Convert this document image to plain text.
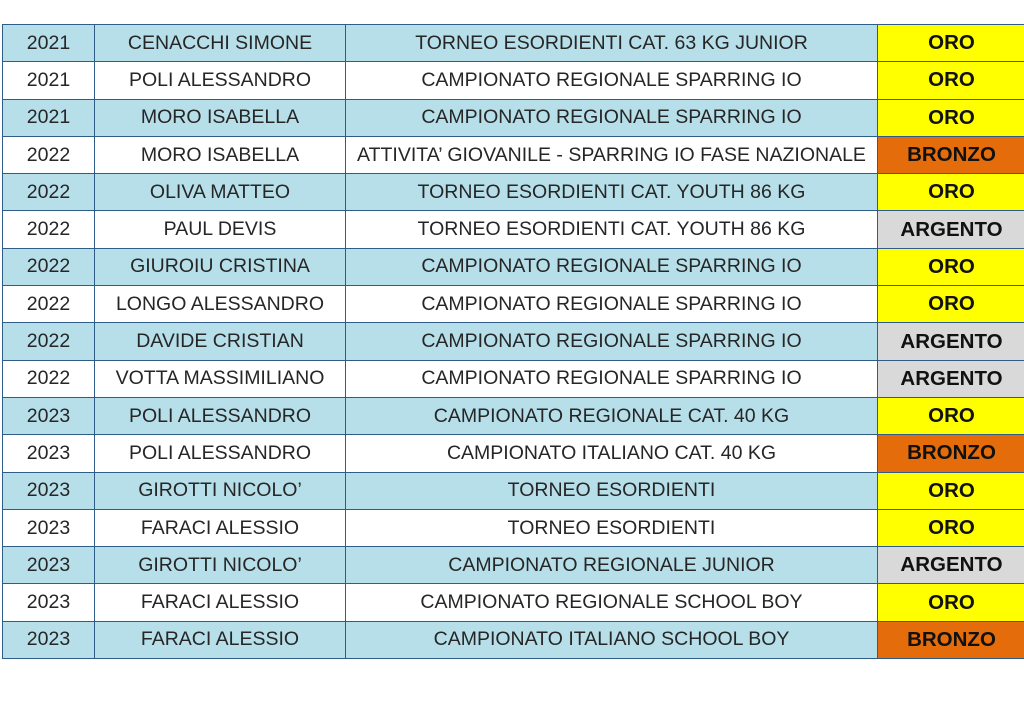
2021	CENACCHI SIMONE	TORNEO ESORDIENTI CAT. 63 KG JUNIOR	ORO
2021	POLI ALESSANDRO	CAMPIONATO REGIONALE SPARRING IO	ORO
2021	MORO ISABELLA	CAMPIONATO REGIONALE SPARRING IO	ORO
2022	MORO ISABELLA	ATTIVITA’ GIOVANILE - SPARRING IO FASE NAZIONALE	BRONZO
2022	OLIVA MATTEO	TORNEO ESORDIENTI CAT. YOUTH 86 KG	ORO
2022	PAUL DEVIS	TORNEO ESORDIENTI CAT. YOUTH 86 KG	ARGENTO
2022	GIUROIU CRISTINA	CAMPIONATO REGIONALE SPARRING IO	ORO
2022	LONGO ALESSANDRO	CAMPIONATO REGIONALE SPARRING IO	ORO
2022	DAVIDE CRISTIAN	CAMPIONATO REGIONALE SPARRING IO	ARGENTO
2022	VOTTA MASSIMILIANO	CAMPIONATO REGIONALE SPARRING IO	ARGENTO
2023	POLI ALESSANDRO	CAMPIONATO REGIONALE CAT. 40 KG	ORO
2023	POLI ALESSANDRO	CAMPIONATO ITALIANO CAT. 40 KG	BRONZO
2023	GIROTTI NICOLO’	TORNEO ESORDIENTI	ORO
2023	FARACI ALESSIO	TORNEO ESORDIENTI	ORO
2023	GIROTTI NICOLO’	CAMPIONATO REGIONALE JUNIOR	ARGENTO
2023	FARACI ALESSIO	CAMPIONATO REGIONALE SCHOOL BOY	ORO
2023	FARACI ALESSIO	CAMPIONATO ITALIANO SCHOOL BOY	BRONZO
